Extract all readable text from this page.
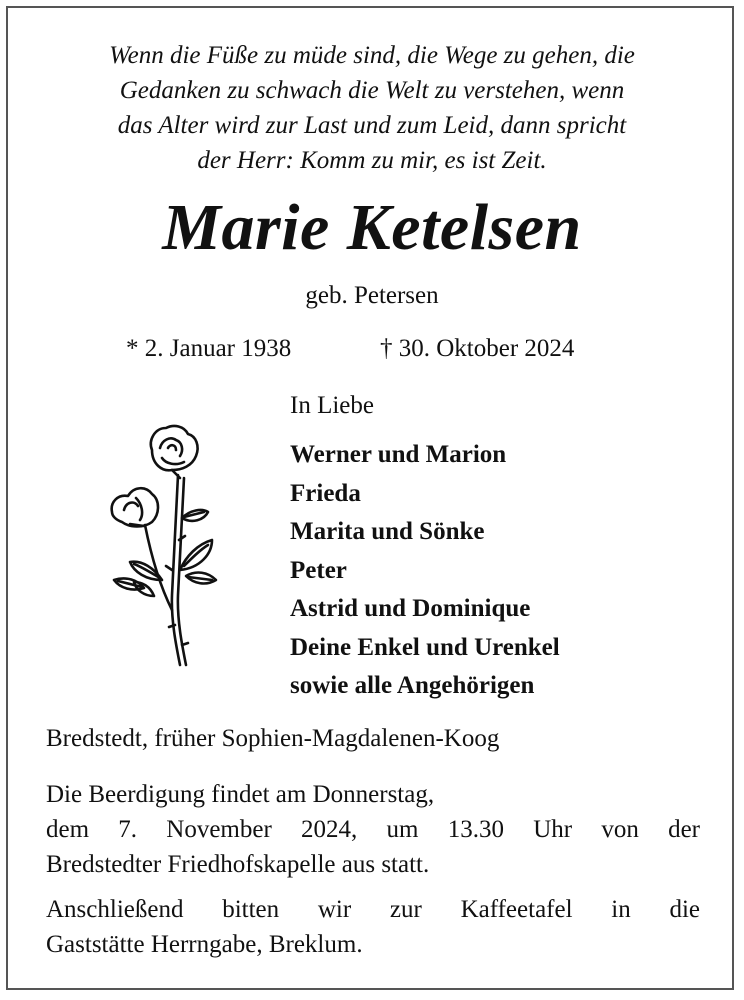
Wenn die Füße zu müde sind, die Wege zu gehen, die
Gedanken zu schwach die Welt zu verstehen, wenn
das Alter wird zur Last und zum Leid, dann spricht
der Herr: Komm zu mir, es ist Zeit.
Marie Ketelsen
geb. Petersen
* 2. Januar 1938	† 30. Oktober 2024
In Liebe
Werner und Marion
Frieda
Marita und Sönke
Peter
Astrid und Dominique
Deine Enkel und Urenkel
sowie alle Angehörigen
Bredstedt, früher Sophien-Magdalenen-Koog
Die Beerdigung findet am Donnerstag,
dem 7. November 2024, um 13.30 Uhr von der
Bredstedter Friedhofskapelle aus statt.
Anschließend bitten wir zur Kaffeetafel in die
Gaststätte Herrngabe, Breklum.
